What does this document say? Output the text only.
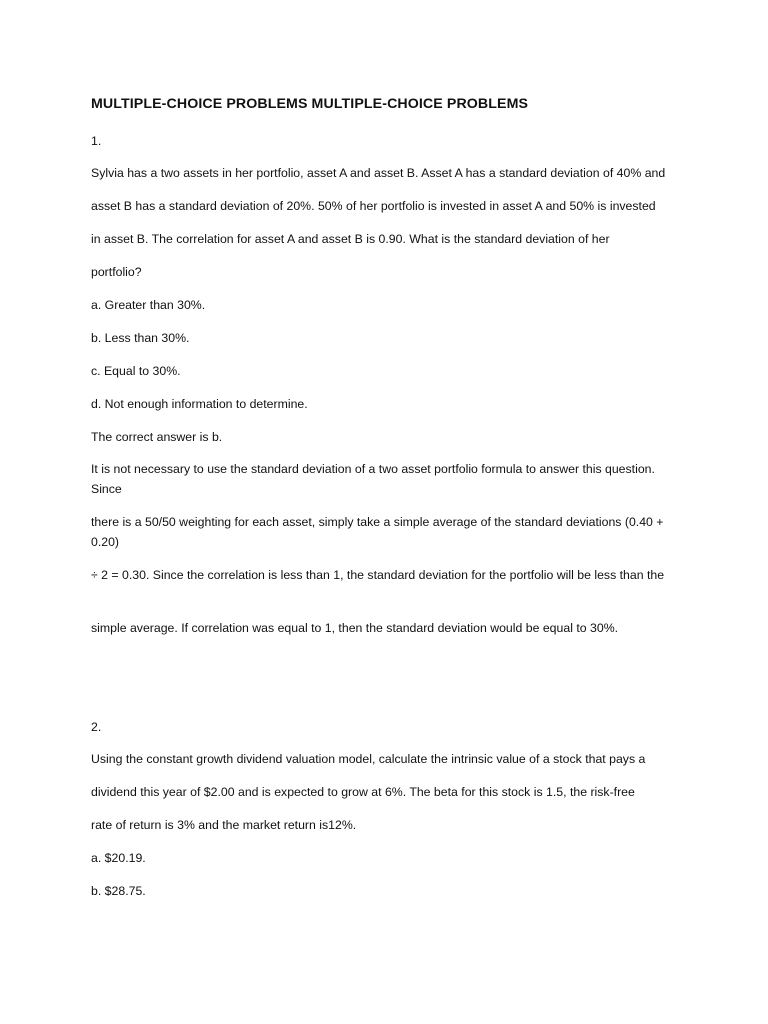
MULTIPLE-CHOICE PROBLEMS MULTIPLE-CHOICE PROBLEMS

1.

Sylvia has a two assets in her portfolio, asset A and asset B. Asset A has a standard deviation of 40% and

asset B has a standard deviation of 20%. 50% of her portfolio is invested in asset A and 50% is invested

in asset B. The correlation for asset A and asset B is 0.90. What is the standard deviation of her

portfolio?

a. Greater than 30%.

b. Less than 30%.

c. Equal to 30%.

d. Not enough information to determine.

The correct answer is b.

It is not necessary to use the standard deviation of a two asset portfolio formula to answer this question. Since

there is a 50/50 weighting for each asset, simply take a simple average of the standard deviations (0.40 + 0.20)

÷ 2 = 0.30. Since the correlation is less than 1, the standard deviation for the portfolio will be less than the

simple average. If correlation was equal to 1, then the standard deviation would be equal to 30%.

2.

Using the constant growth dividend valuation model, calculate the intrinsic value of a stock that pays a

dividend this year of $2.00 and is expected to grow at 6%. The beta for this stock is 1.5, the risk-free

rate of return is 3% and the market return is12%.

a. $20.19.

b. $28.75.
